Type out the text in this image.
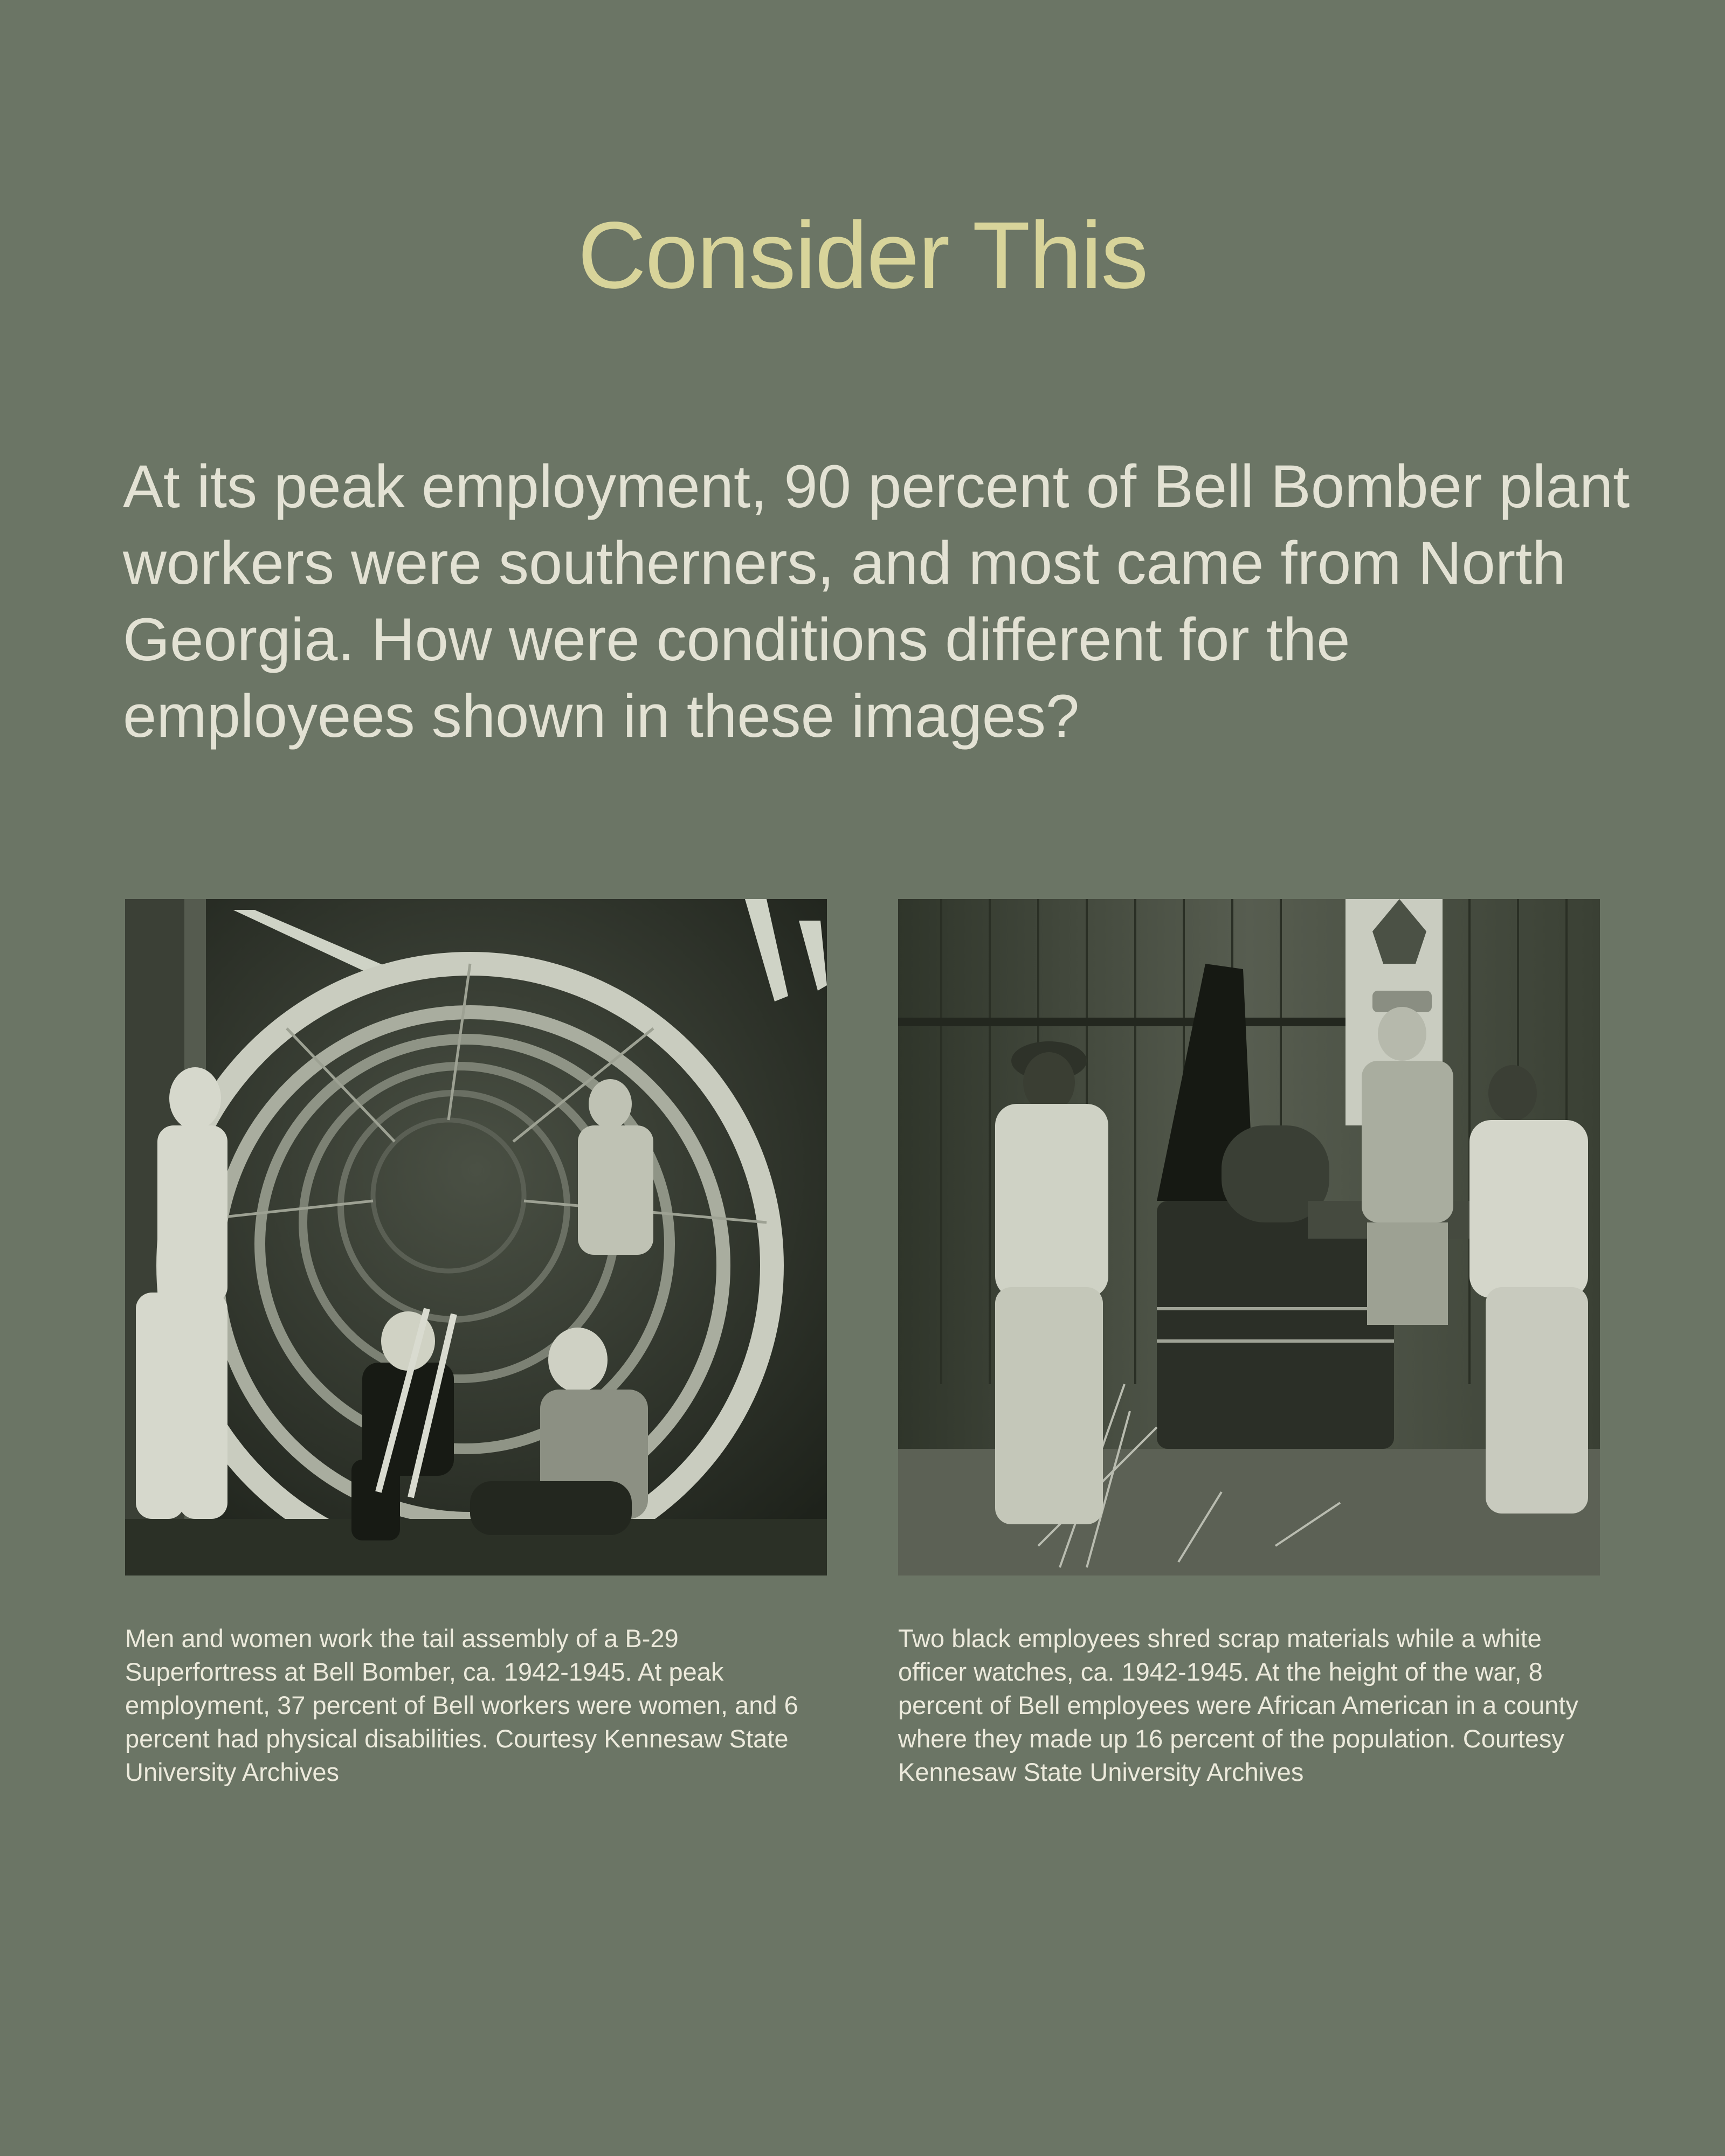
Consider This

At its peak employment, 90 percent of Bell Bomber plant workers were southerners, and most came from North Georgia. How were conditions different for the employees shown in these images?

Men and women work the tail assembly of a B-29 Superfortress at Bell Bomber, ca. 1942-1945. At peak employment, 37 percent of Bell workers were women, and 6 percent had physical disabilities. Courtesy Kennesaw State University Archives

Two black employees shred scrap materials while a white officer watches, ca. 1942-1945. At the height of the war, 8 percent of Bell employees were African American in a county where they made up 16 percent of the population. Courtesy Kennesaw State University Archives
